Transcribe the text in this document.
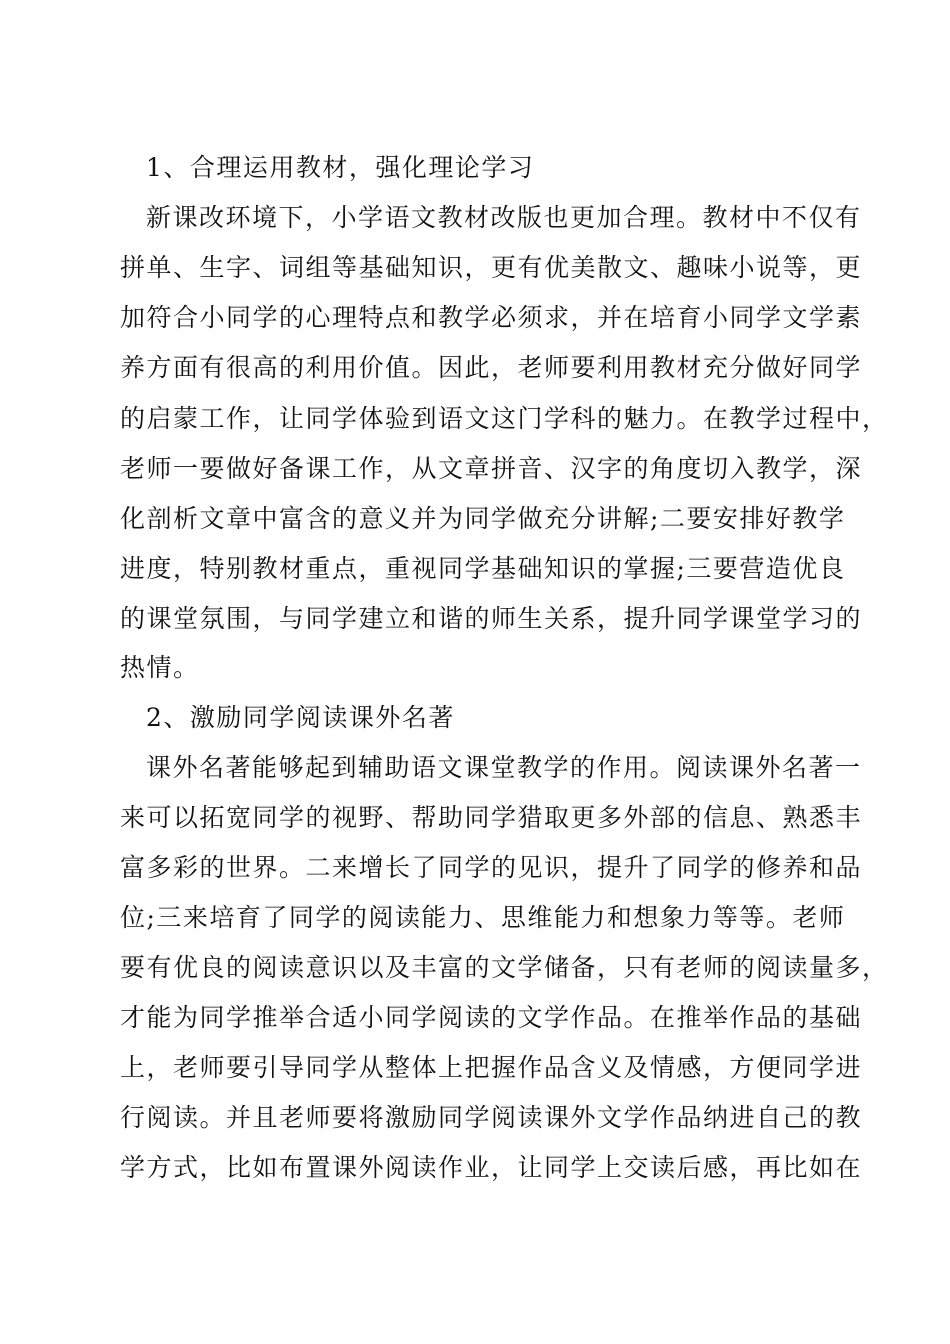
1、合理运用教材，强化理论学习
新课改环境下，小学语文教材改版也更加合理。教材中不仅有
拼单、生字、词组等基础知识，更有优美散文、趣味小说等，更
加符合小同学的心理特点和教学必须求，并在培育小同学文学素
养方面有很高的利用价值。因此，老师要利用教材充分做好同学
的启蒙工作，让同学体验到语文这门学科的魅力。在教学过程中，
老师一要做好备课工作，从文章拼音、汉字的角度切入教学，深
化剖析文章中富含的意义并为同学做充分讲解;二要安排好教学
进度，特别教材重点，重视同学基础知识的掌握;三要营造优良
的课堂氛围，与同学建立和谐的师生关系，提升同学课堂学习的
热情。
2、激励同学阅读课外名著
课外名著能够起到辅助语文课堂教学的作用。阅读课外名著一
来可以拓宽同学的视野、帮助同学猎取更多外部的信息、熟悉丰
富多彩的世界。二来增长了同学的见识，提升了同学的修养和品
位;三来培育了同学的阅读能力、思维能力和想象力等等。老师
要有优良的阅读意识以及丰富的文学储备，只有老师的阅读量多，
才能为同学推举合适小同学阅读的文学作品。在推举作品的基础
上，老师要引导同学从整体上把握作品含义及情感，方便同学进
行阅读。并且老师要将激励同学阅读课外文学作品纳进自己的教
学方式，比如布置课外阅读作业，让同学上交读后感，再比如在
